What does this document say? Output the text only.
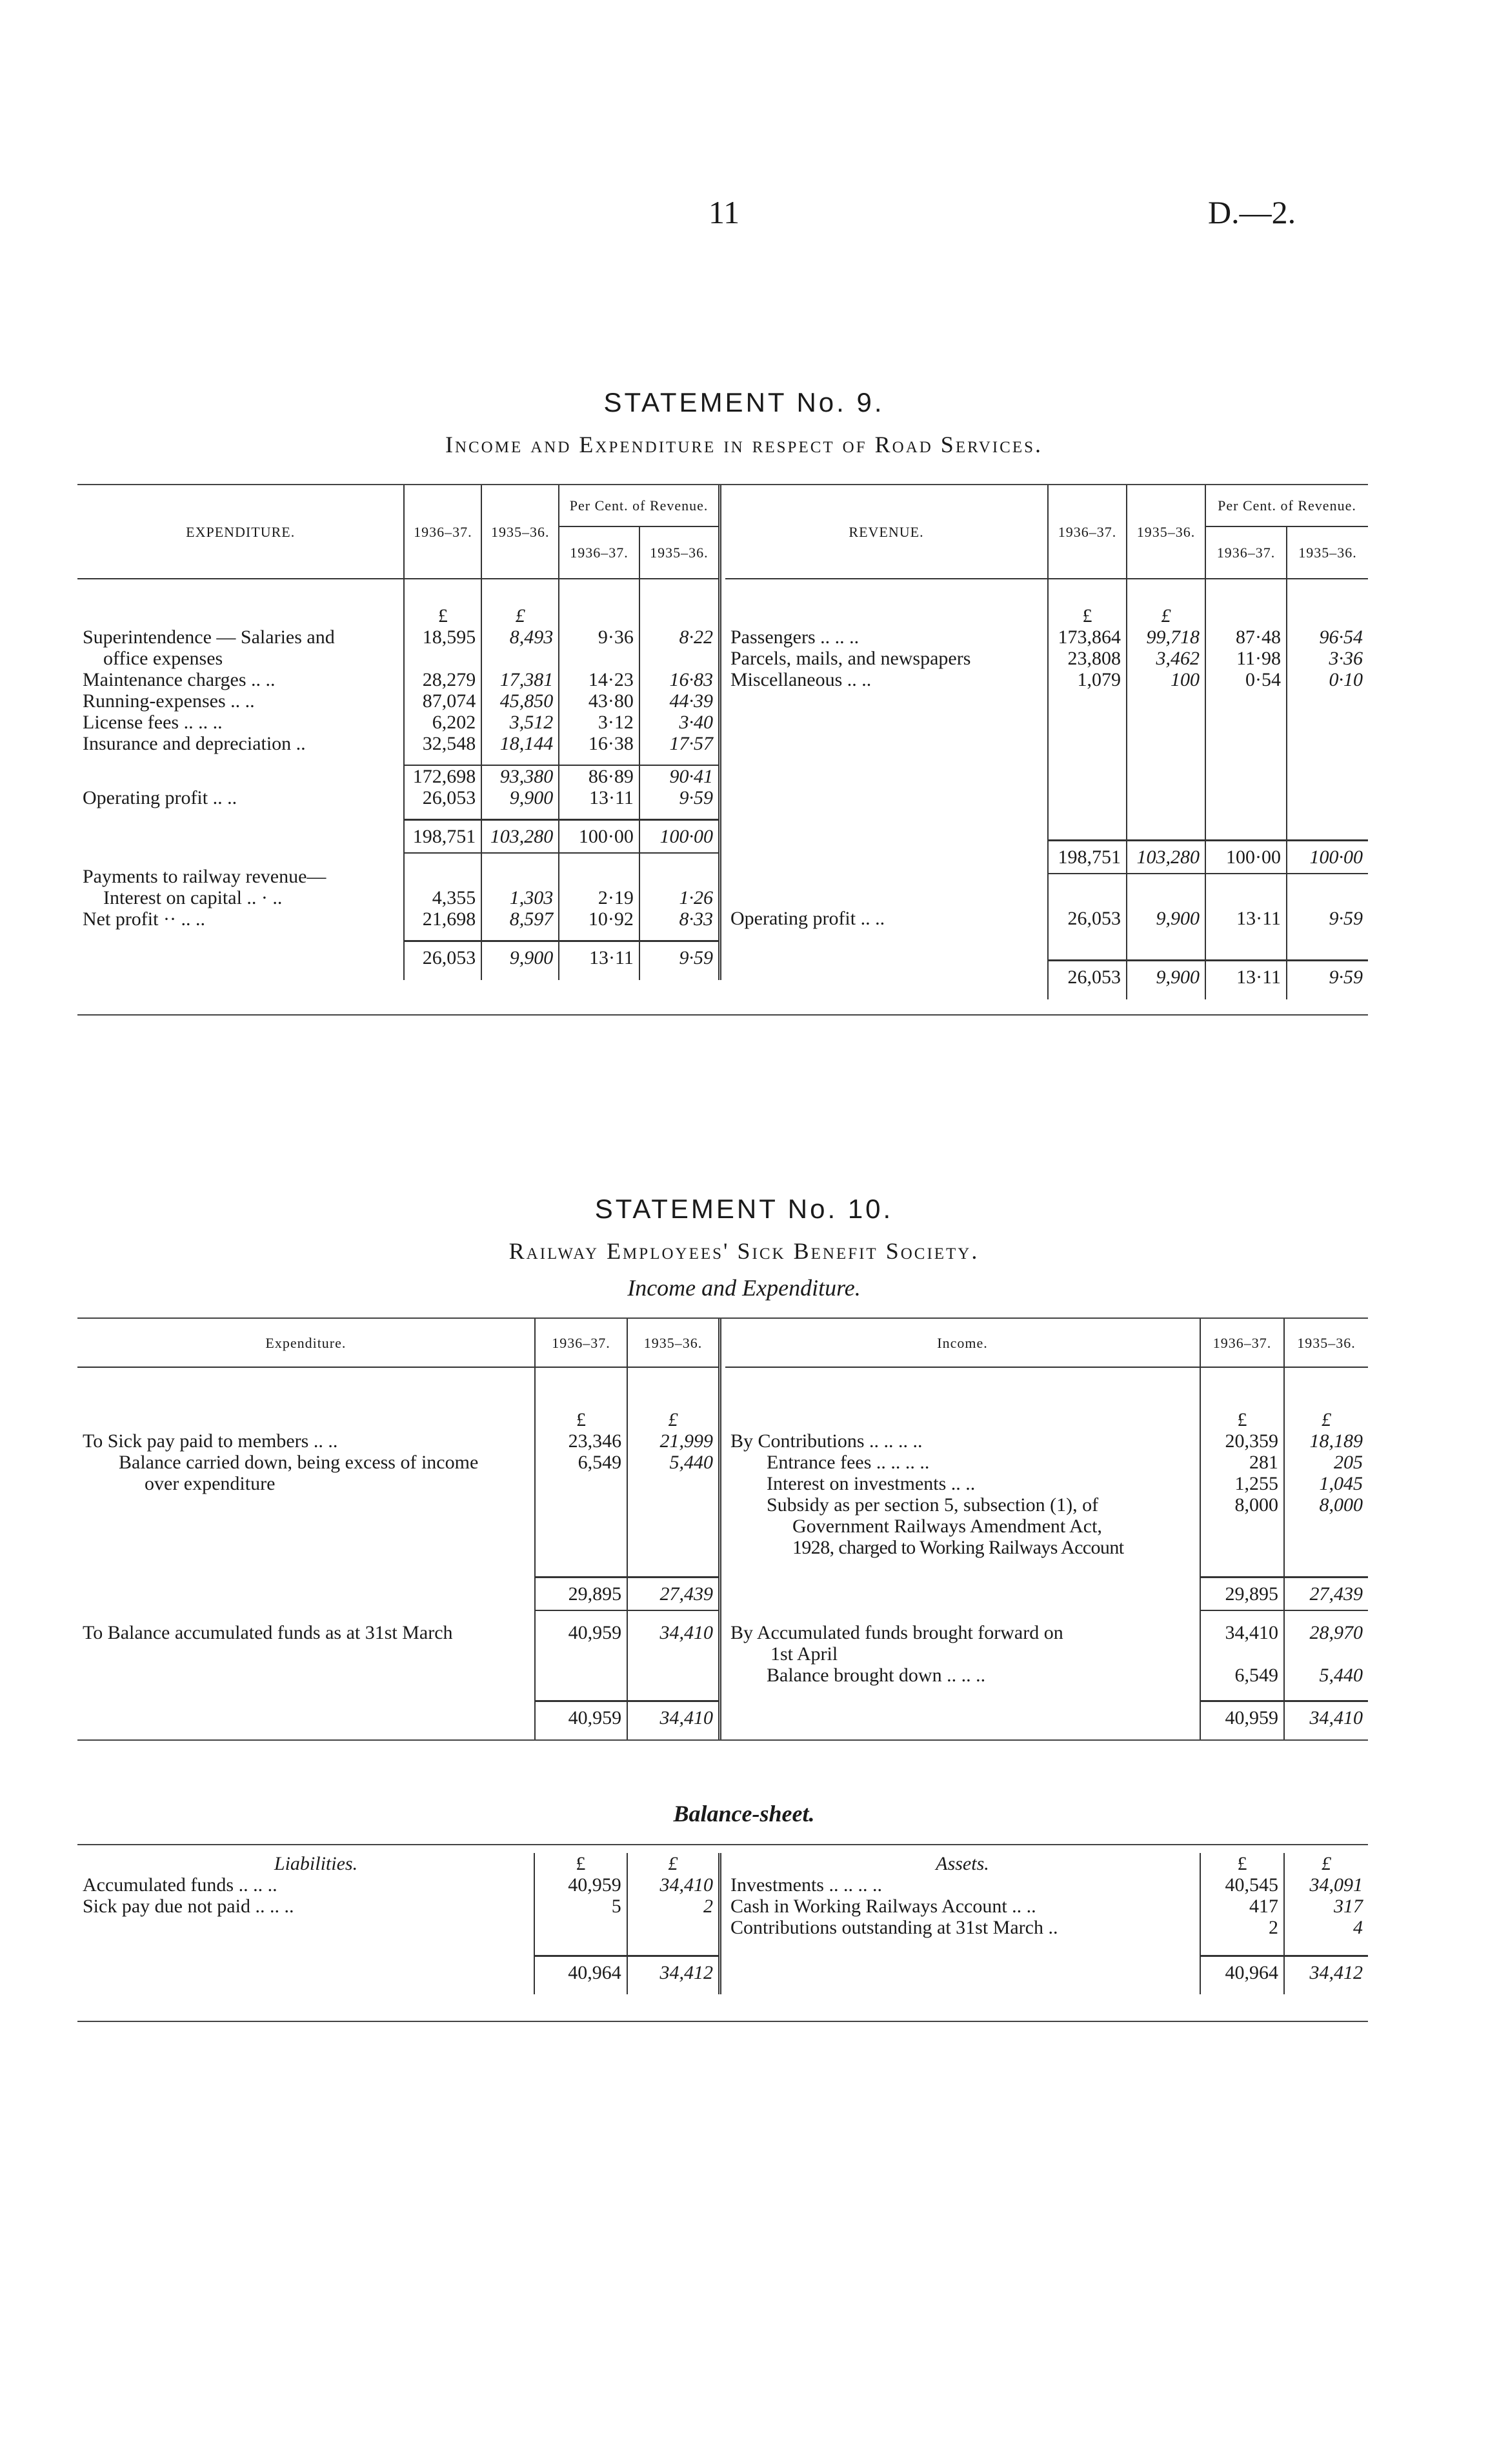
11	D.—2.
STATEMENT No. 9.
Income and Expenditure in respect of Road Services.
EXPENDITURE.	1936–37.	1935–36.	Per Cent. of Revenue.	
			1936–37.	1935–36.

	£	£		
Superintendence — Salaries and	18,595	8,493	9·36	8·22
office expenses				
Maintenance charges .. ..	28,279	17,381	14·23	16·83
Running-expenses .. ..	87,074	45,850	43·80	44·39
License fees .. .. ..	6,202	3,512	3·12	3·40
Insurance and depreciation ..	32,548	18,144	16·38	17·57

	172,698	93,380	86·89	90·41
Operating profit .. ..	26,053	9,900	13·11	9·59

	198,751	103,280	100·00	100·00

Payments to railway revenue—				
Interest on capital .. · ..	4,355	1,303	2·19	1·26
Net profit ·· .. ..	21,698	8,597	10·92	8·33

	26,053	9,900	13·11	9·59
REVENUE.	1936–37.	1935–36.	Per Cent. of Revenue.	
			1936–37.	1935–36.

	£	£		
Passengers .. .. ..	173,864	99,718	87·48	96·54
Parcels, mails, and newspapers	23,808	3,462	11·98	3·36
Miscellaneous .. ..	1,079	100	0·54	0·10

	198,751	103,280	100·00	100·00

Operating profit .. ..	26,053	9,900	13·11	9·59

	26,053	9,900	13·11	9·59
STATEMENT No. 10.
Railway Employees' Sick Benefit Society.
Income and Expenditure.
Expenditure.	1936–37.	1935–36.

	£	£
To Sick pay paid to members .. ..	23,346	21,999
Balance carried down, being excess of income	6,549	5,440
over expenditure		

	29,895	27,439

To Balance accumulated funds as at 31st March	40,959	34,410

	40,959	34,410
Income.	1936–37.	1935–36.

	£	£
By Contributions .. .. .. ..	20,359	18,189
Entrance fees .. .. .. ..	281	205
Interest on investments .. ..	1,255	1,045
Subsidy as per section 5, subsection (1), of	8,000	8,000
Government Railways Amendment Act,		
1928, charged to Working Railways Account		

	29,895	27,439

By Accumulated funds brought forward on	34,410	28,970
1st April		
Balance brought down .. .. ..	6,549	5,440

	40,959	34,410
Balance-sheet.
Liabilities.	£	£
Accumulated funds .. .. ..	40,959	34,410
Sick pay due not paid .. .. ..	5	2

	40,964	34,412
Assets.	£	£
Investments .. .. .. ..	40,545	34,091
Cash in Working Railways Account .. ..	417	317
Contributions outstanding at 31st March ..	2	4

	40,964	34,412
